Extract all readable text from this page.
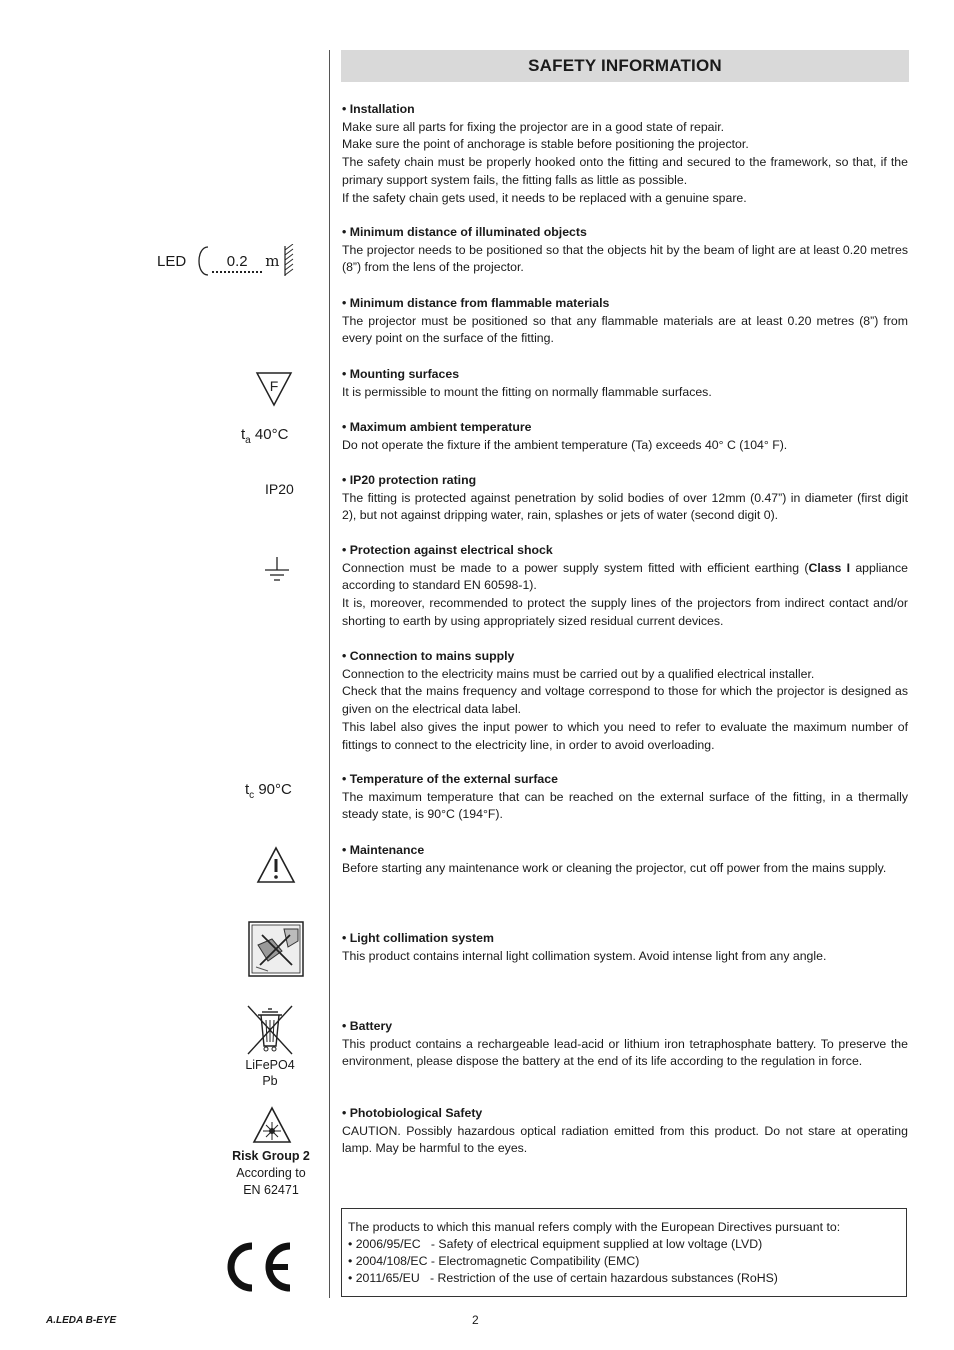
SAFETY INFORMATION
• Installation
Make sure all parts for fixing the projector are in a good state of repair.
Make sure the point of anchorage is stable before positioning the projector.
The safety chain must be properly hooked onto the fitting and secured to the framework, so that, if the primary support system fails, the fitting falls as little as possible.
If the safety chain gets used, it needs to be replaced with a genuine spare.
• Minimum distance of illuminated objects
The projector needs to be positioned so that the objects hit by the beam of light are at least 0.20 metres (8”) from the lens of the projector.
• Minimum distance from flammable materials
The projector must be positioned so that any flammable materials are at least 0.20 metres (8”) from every point on the surface of the fitting.
• Mounting surfaces
It is permissible to mount the fitting on normally flammable surfaces.
• Maximum ambient temperature
Do not operate the fixture if the ambient temperature (Ta) exceeds 40° C (104° F).
• IP20 protection rating
The fitting is protected against penetration by solid bodies of over 12mm (0.47”) in diameter (first digit 2), but not against dripping water, rain, splashes or jets of water (second digit 0).
• Protection against electrical shock
Connection must be made to a power supply system fitted with efficient earthing (Class I appliance according to standard EN 60598-1).
It is, moreover, recommended to protect the supply lines of the projectors from indirect contact and/or shorting to earth by using appropriately sized residual current devices.
• Connection to mains supply
Connection to the electricity mains must be carried out by a qualified electrical installer.
Check that the mains frequency and voltage correspond to those for which the projector is designed as given on the electrical data label.
This label also gives the input power to which you need to refer to evaluate the maximum number of fittings to connect to the electricity line, in order to avoid overloading.
• Temperature of the external surface
The maximum temperature that can be reached on the external surface of the fitting, in a thermally steady state, is 90°C (194°F).
• Maintenance
Before starting any maintenance work or cleaning the projector, cut off power from the mains supply.
• Light collimation system
This product contains internal light collimation system. Avoid intense light from any angle.
• Battery
This product contains a rechargeable lead-acid or lithium iron tetraphosphate battery. To preserve the environment, please dispose the battery at the end of its life according to the regulation in force.
• Photobiological Safety
CAUTION. Possibly hazardous optical radiation emitted from this product. Do not stare at operating lamp. May be harmful to the eyes.
LED	0.2	m
F
$t_a$ 40°C
IP20
$t_c$ 90°C
LiFePO4
Pb
Risk Group 2
According to
EN 62471
The products to which this manual refers comply with the European Directives pursuant to:
• 2006/95/EC   - Safety of electrical equipment supplied at low voltage (LVD)
• 2004/108/EC - Electromagnetic Compatibility (EMC)
• 2011/65/EU   - Restriction of the use of certain hazardous substances (RoHS)
A.LEDA B-EYE	2
